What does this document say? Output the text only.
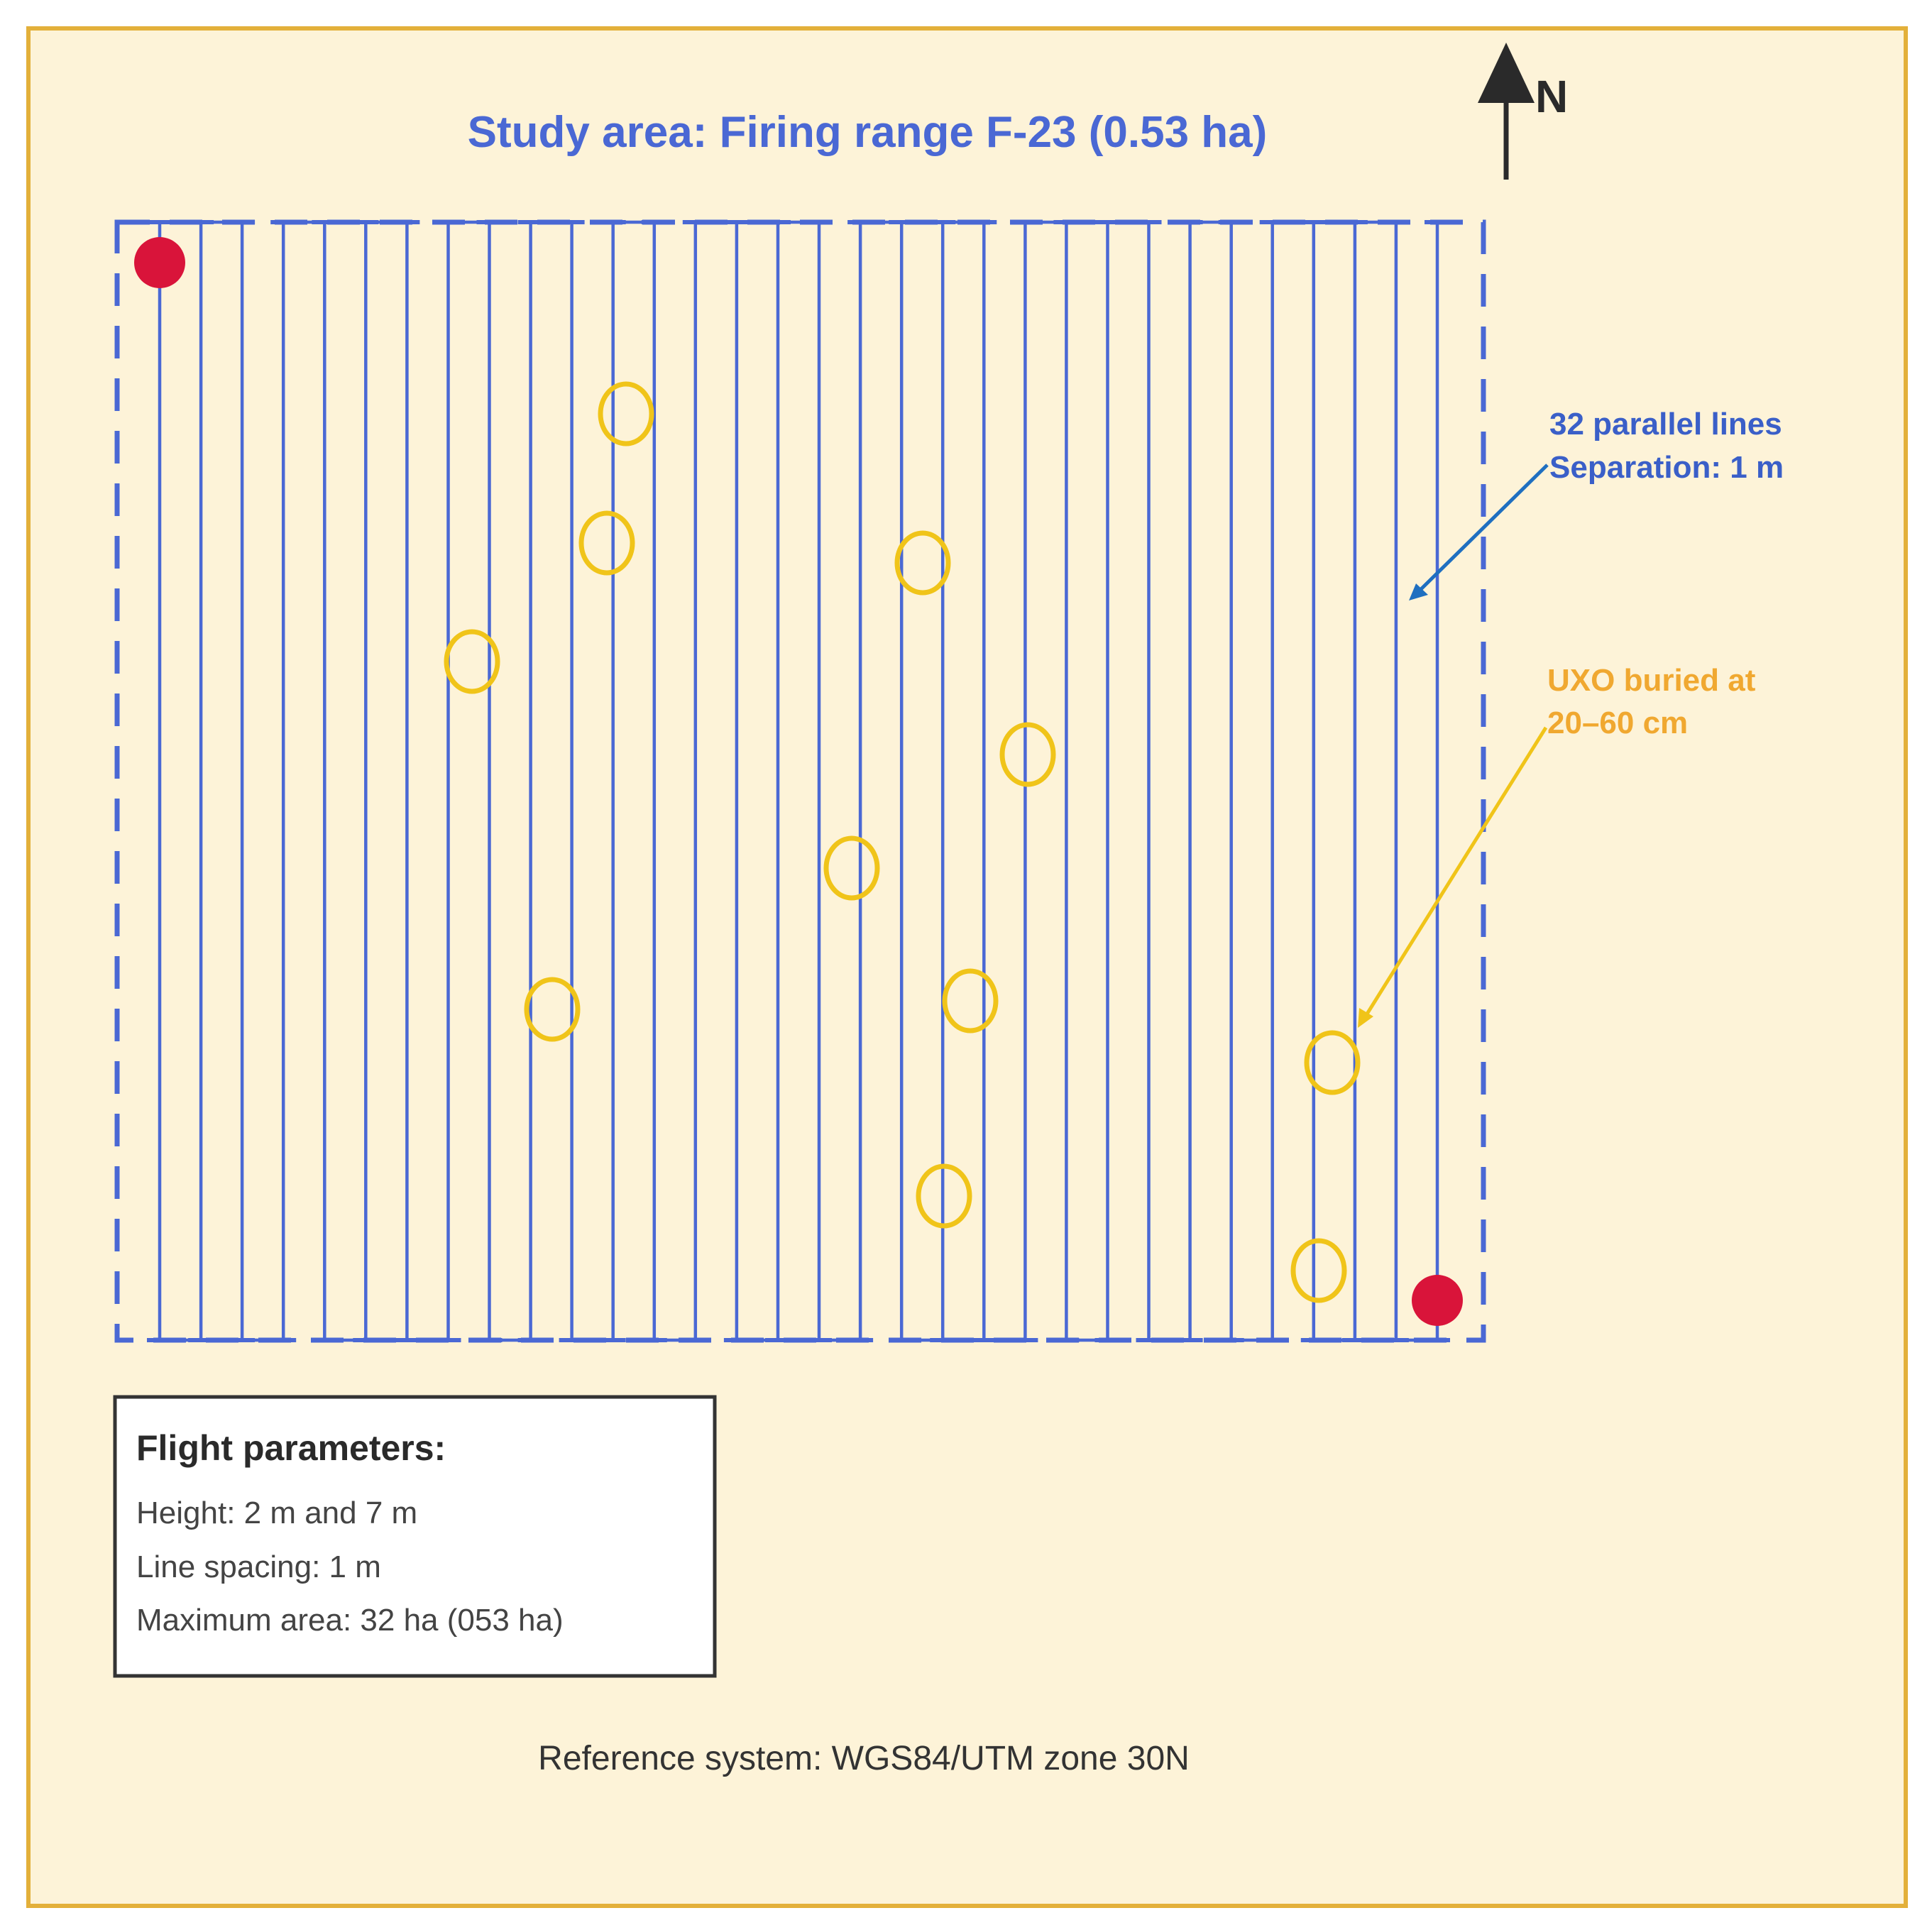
Study area: Firing range F-23 (0.53 ha)
N
32 parallel lines
Separation: 1 m
UXO buried at
20–60 cm
Flight parameters:
Height: 2 m and 7 m
Line spacing: 1 m
Maximum area: 32 ha (053 ha)
Reference system: WGS84/UTM zone 30N
